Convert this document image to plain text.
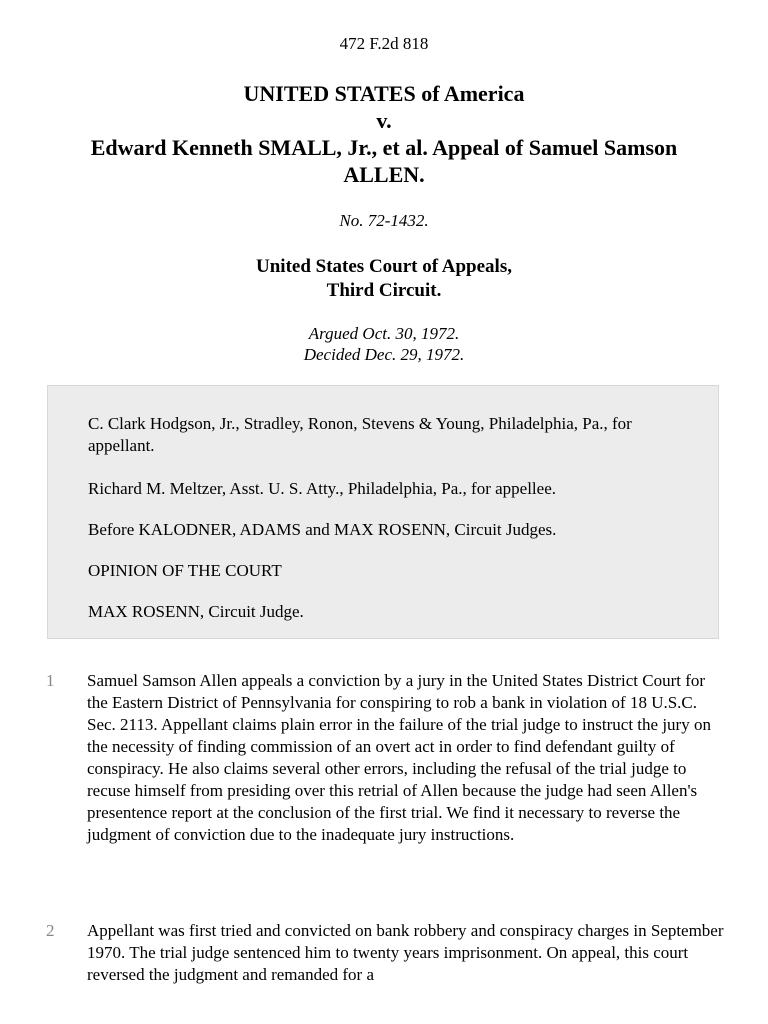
472 F.2d 818
UNITED STATES of America
v.
Edward Kenneth SMALL, Jr., et al. Appeal of Samuel Samson
ALLEN.
No. 72-1432.
United States Court of Appeals,
Third Circuit.
Argued Oct. 30, 1972.
Decided Dec. 29, 1972.

C. Clark Hodgson, Jr., Stradley, Ronon, Stevens & Young, Philadelphia, Pa., for appellant.

Richard M. Meltzer, Asst. U. S. Atty., Philadelphia, Pa., for appellee.

Before KALODNER, ADAMS and MAX ROSENN, Circuit Judges.

OPINION OF THE COURT

MAX ROSENN, Circuit Judge.

1 Samuel Samson Allen appeals a conviction by a jury in the United States District Court for the Eastern District of Pennsylvania for conspiring to rob a bank in violation of 18 U.S.C. Sec. 2113. Appellant claims plain error in the failure of the trial judge to instruct the jury on the necessity of finding commission of an overt act in order to find defendant guilty of conspiracy. He also claims several other errors, including the refusal of the trial judge to recuse himself from presiding over this retrial of Allen because the judge had seen Allen's presentence report at the conclusion of the first trial. We find it necessary to reverse the judgment of conviction due to the inadequate jury instructions.

2 Appellant was first tried and convicted on bank robbery and conspiracy charges in September 1970. The trial judge sentenced him to twenty years imprisonment. On appeal, this court reversed the judgment and remanded for a
